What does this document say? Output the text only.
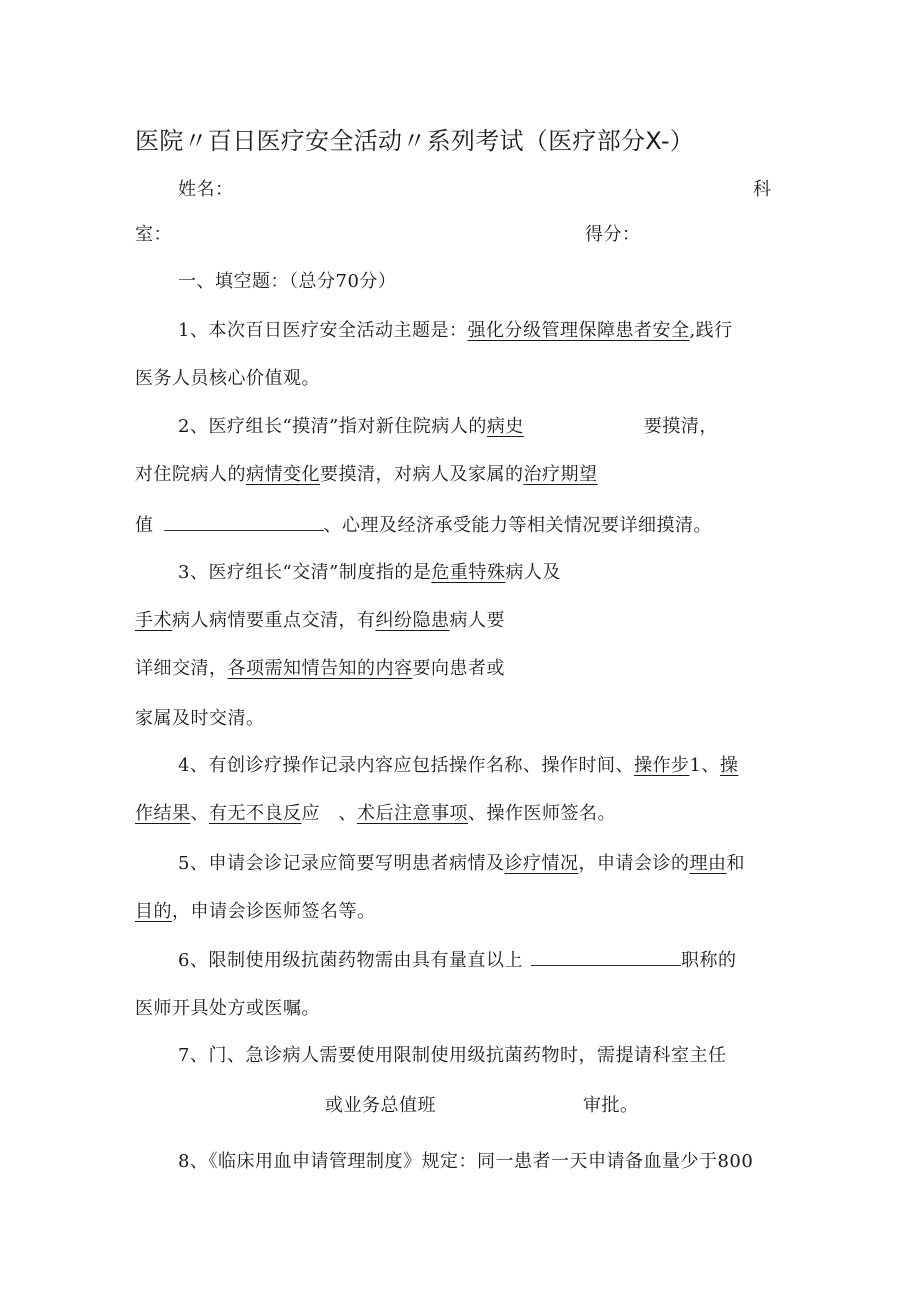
医院〃百日医疗安全活动〃系列考试（医疗部分X-）
姓名：	科
室：	得分：
一、填空题：（总分70分）
1、本次百日医疗安全活动主题是：强化分级管理保障患者安全,践行
医务人员核心价值观。
2、医疗组长“摸清”指对新住院病人的病史	要摸清，
对住院病人的病情变化要摸清，对病人及家属的治疗期望
值	、心理及经济承受能力等相关情况要详细摸清。
3、医疗组长“交清”制度指的是危重特殊病人及
手术病人病情要重点交清，有纠纷隐患病人要
详细交清，各项需知情告知的内容要向患者或
家属及时交清。
4、有创诊疗操作记录内容应包括操作名称、操作时间、操作步1、操
作结果、有无不良反应　、术后注意事项、操作医师签名。
5、申请会诊记录应简要写明患者病情及诊疗情况，申请会诊的理由和
目的，申请会诊医师签名等。
6、限制使用级抗菌药物需由具有量直以上	职称的
医师开具处方或医嘱。
7、门、急诊病人需要使用限制使用级抗菌药物时，需提请科室主任
或业务总值班	审批。
8、《临床用血申请管理制度》规定：同一患者一天申请备血量少于800
